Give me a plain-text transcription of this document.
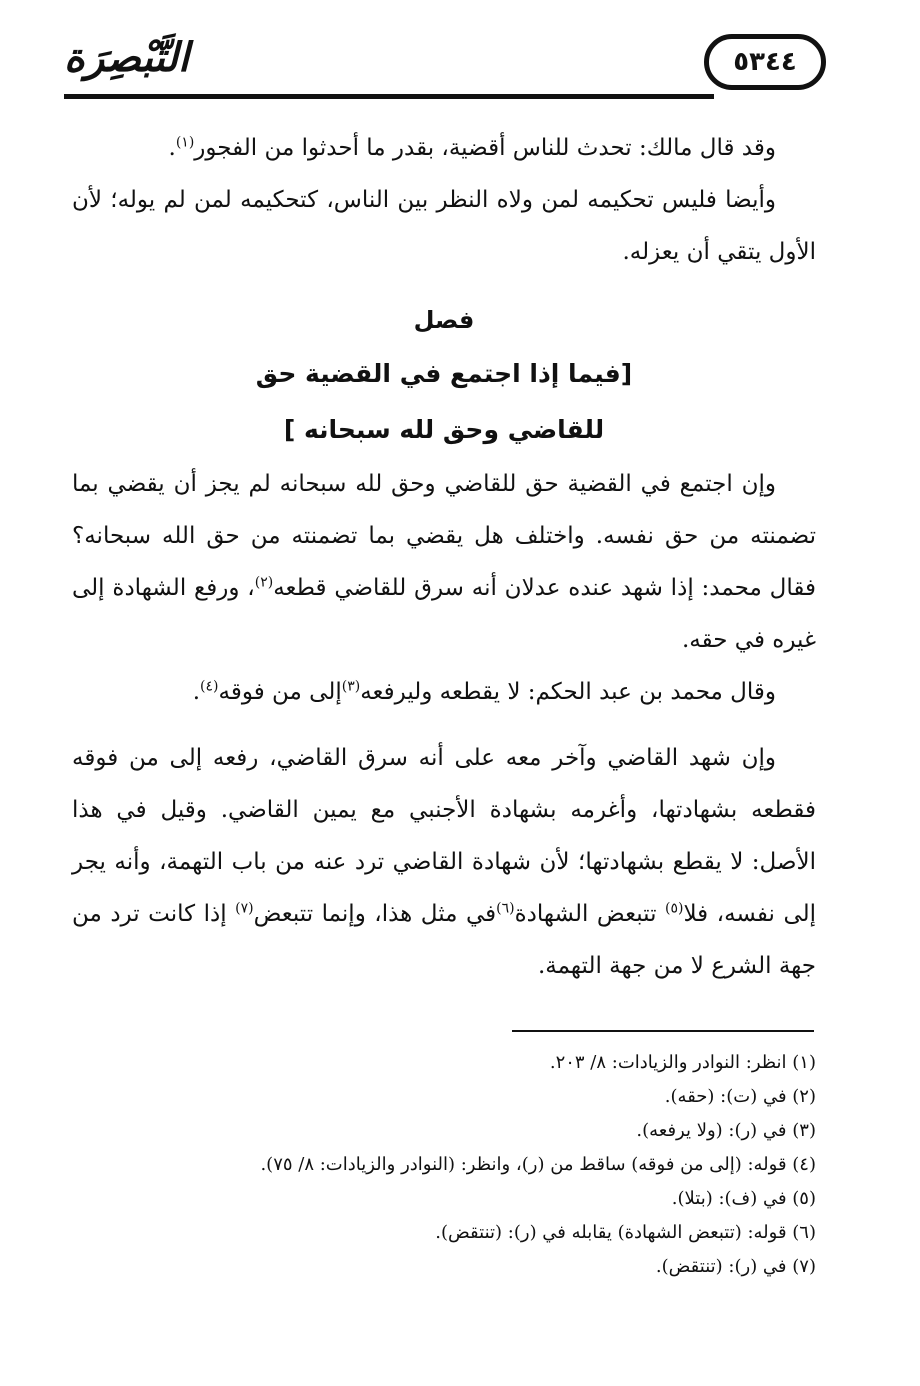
التَّبْصِرَة	٥٣٤٤

وقد قال مالك: تحدث للناس أقضية، بقدر ما أحدثوا من الفجور$^{(١)}$.

وأيضا فليس تحكيمه لمن ولاه النظر بين الناس، كتحكيمه لمن لم يوله؛ لأن الأول يتقي أن يعزله.

فصل
[فيما إذا اجتمع في القضية حق
للقاضي وحق لله سبحانه ]

وإن اجتمع في القضية حق للقاضي وحق لله سبحانه لم يجز أن يقضي بما تضمنته من حق نفسه. واختلف هل يقضي بما تضمنته من حق الله سبحانه؟ فقال محمد: إذا شهد عنده عدلان أنه سرق للقاضي قطعه$^{(٢)}$، ورفع الشهادة إلى غيره في حقه.

وقال محمد بن عبد الحكم: لا يقطعه وليرفعه$^{(٣)}$إلى من فوقه$^{(٤)}$.

وإن شهد القاضي وآخر معه على أنه سرق القاضي، رفعه إلى من فوقه فقطعه بشهادتها، وأغرمه بشهادة الأجنبي مع يمين القاضي. وقيل في هذا الأصل: لا يقطع بشهادتها؛ لأن شهادة القاضي ترد عنه من باب التهمة، وأنه يجر إلى نفسه، فلا$^{(٥)}$ تتبعض الشهادة$^{(٦)}$في مثل هذا، وإنما تتبعض$^{(٧)}$ إذا كانت ترد من جهة الشرع لا من جهة التهمة.

(١) انظر: النوادر والزيادات: ٨/ ٢٠٣.
(٢) في (ت): (حقه).
(٣) في (ر): (ولا يرفعه).
(٤) قوله: (إلى من فوقه) ساقط من (ر)، وانظر: (النوادر والزيادات: ٨/ ٧٥).
(٥) في (ف): (بتلا).
(٦) قوله: (تتبعض الشهادة) يقابله في (ر): (تنتقض).
(٧) في (ر): (تنتقض).
